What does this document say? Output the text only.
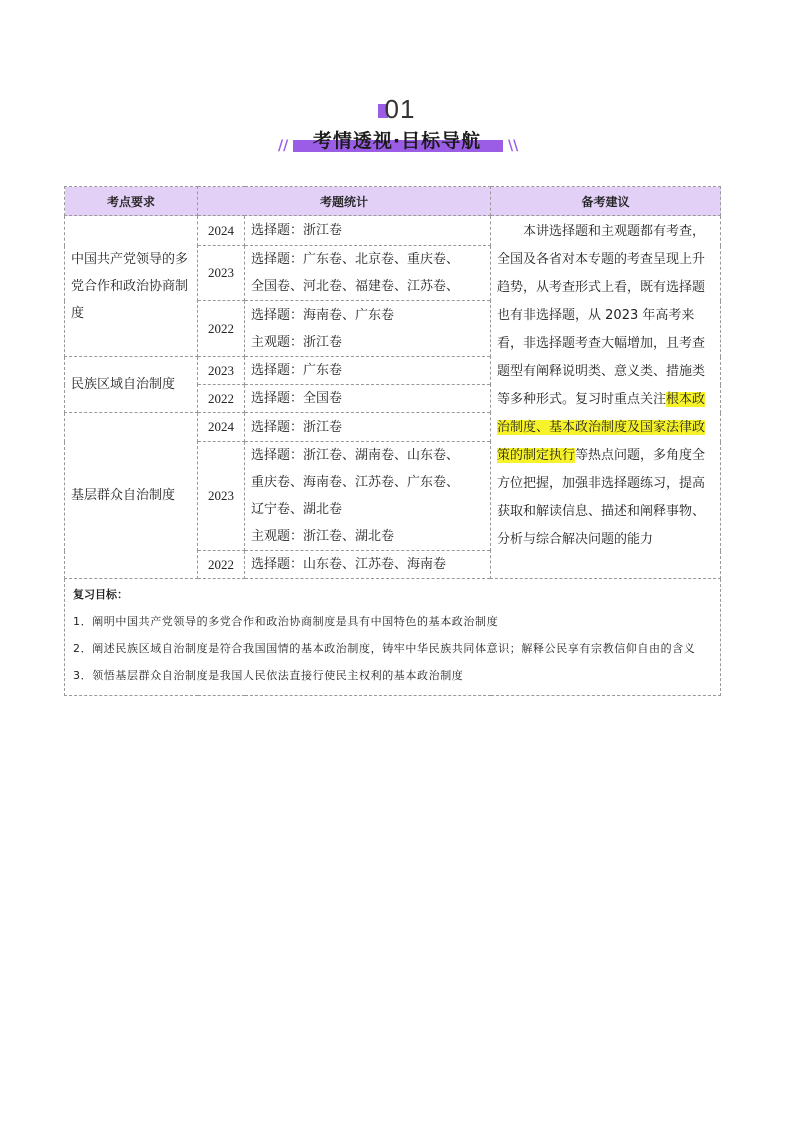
01
//	考情透视·目标导航	\\
考点要求	考题统计		备考建议
中国共产党领导的多党合作和政治协商制度	2024	选择题：浙江卷	本讲选择题和主观题都有考查，全国及各省对本专题的考查呈现上升趋势，从考查形式上看，既有选择题也有非选择题，从 2023 年高考来看，非选择题考查大幅增加，且考查题型有阐释说明类、意义类、措施类等多种形式。复习时重点关注根本政治制度、基本政治制度及国家法律政策的制定执行等热点问题，多角度全方位把握，加强非选择题练习，提高获取和解读信息、描述和阐释事物、分析与综合解决问题的能力

	2023	选择题：广东卷、北京卷、重庆卷、
全国卷、河北卷、福建卷、江苏卷、	

	2022	选择题：海南卷、广东卷
主观题：浙江卷	

民族区域自治制度	2023	选择题：广东卷	

	2022	选择题：全国卷	

基层群众自治制度	2024	选择题：浙江卷	

	2023	选择题：浙江卷、湖南卷、山东卷、
重庆卷、海南卷、江苏卷、广东卷、
辽宁卷、湖北卷
主观题：浙江卷、湖北卷	

	2022	选择题：山东卷、江苏卷、海南卷	

复习目标：
1．阐明中国共产党领导的多党合作和政治协商制度是具有中国特色的基本政治制度
2．阐述民族区域自治制度是符合我国国情的基本政治制度，铸牢中华民族共同体意识；解释公民享有宗教信仰自由的含义
3．领悟基层群众自治制度是我国人民依法直接行使民主权利的基本政治制度			
